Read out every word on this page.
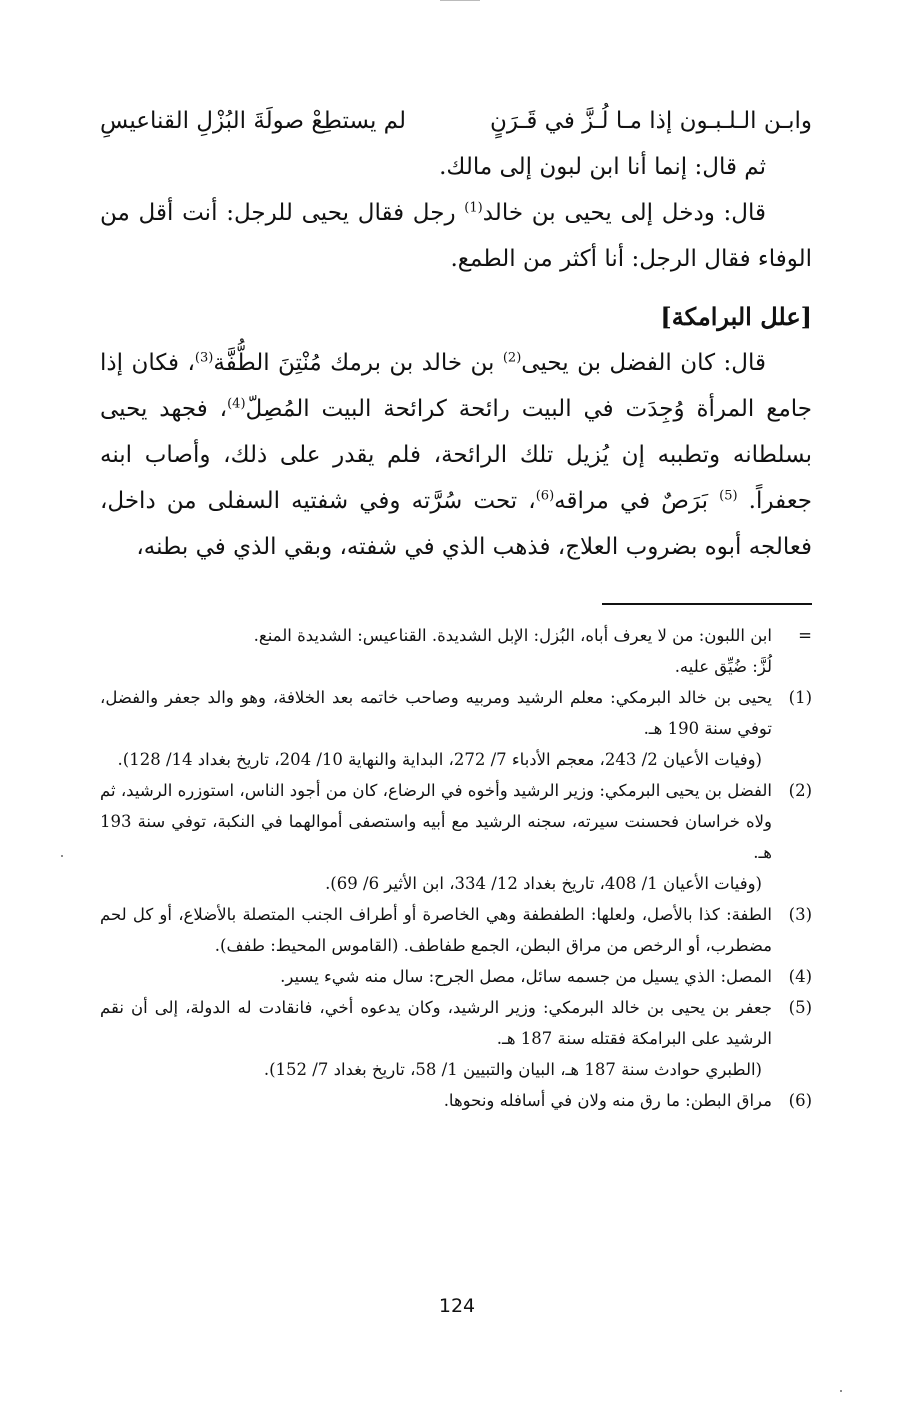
وابـن الـلـبـون إذا مـا لُـزَّ في قَـرَنٍ
لم يستطِعْ صولَةَ البُزْلِ القناعيسِ

ثم قال: إنما أنا ابن لبون إلى مالك.

قال: ودخل إلى يحيى بن خالد$^{(1)}$ رجل فقال يحيى للرجل: أنت أقل من الوفاء فقال الرجل: أنا أكثر من الطمع.

[علل البرامكة]

قال: كان الفضل بن يحيى$^{(2)}$ بن خالد بن برمك مُنْتِنَ الطُّفَّة$^{(3)}$، فكان إذا جامع المرأة وُجِدَت في البيت رائحة كرائحة البيت المُصِلّ$^{(4)}$، فجهد يحيى بسلطانه وتطببه إن يُزيل تلك الرائحة، فلم يقدر على ذلك، وأصاب ابنه جعفراً. $^{(5)}$ بَرَصٌ في مراقه$^{(6)}$، تحت سُرَّته وفي شفتيه السفلى من داخل، فعالجه أبوه بضروب العلاج، فذهب الذي في شفته، وبقي الذي في بطنه،

=
ابن اللبون: من لا يعرف أباه، البُزل: الإبل الشديدة. القناعيس: الشديدة المنع.
لُزَّ: ضُيِّق عليه.
(1)
يحيى بن خالد البرمكي: معلم الرشيد ومربيه وصاحب خاتمه بعد الخلافة، وهو والد جعفر والفضل، توفي سنة 190 هـ.
(وفيات الأعيان 2/ 243، معجم الأدباء 7/ 272، البداية والنهاية 10/ 204، تاريخ بغداد 14/ 128).
(2)
الفضل بن يحيى البرمكي: وزير الرشيد وأخوه في الرضاع، كان من أجود الناس، استوزره الرشيد، ثم ولاه خراسان فحسنت سيرته، سجنه الرشيد مع أبيه واستصفى أموالهما في النكبة، توفي سنة 193 هـ.
(وفيات الأعيان 1/ 408، تاريخ بغداد 12/ 334، ابن الأثير 6/ 69).
(3)
الطفة: كذا بالأصل، ولعلها: الطفطفة وهي الخاصرة أو أطراف الجنب المتصلة بالأضلاع، أو كل لحم مضطرب، أو الرخص من مراق البطن، الجمع طفاطف. (القاموس المحيط: طفف).
(4)
المصل: الذي يسيل من جسمه سائل، مصل الجرح: سال منه شيء يسير.
(5)
جعفر بن يحيى بن خالد البرمكي: وزير الرشيد، وكان يدعوه أخي، فانقادت له الدولة، إلى أن نقم الرشيد على البرامكة فقتله سنة 187 هـ.
(الطبري حوادث سنة 187 هـ، البيان والتبيين 1/ 58، تاريخ بغداد 7/ 152).
(6)
مراق البطن: ما رق منه ولان في أسافله ونحوها.
124
